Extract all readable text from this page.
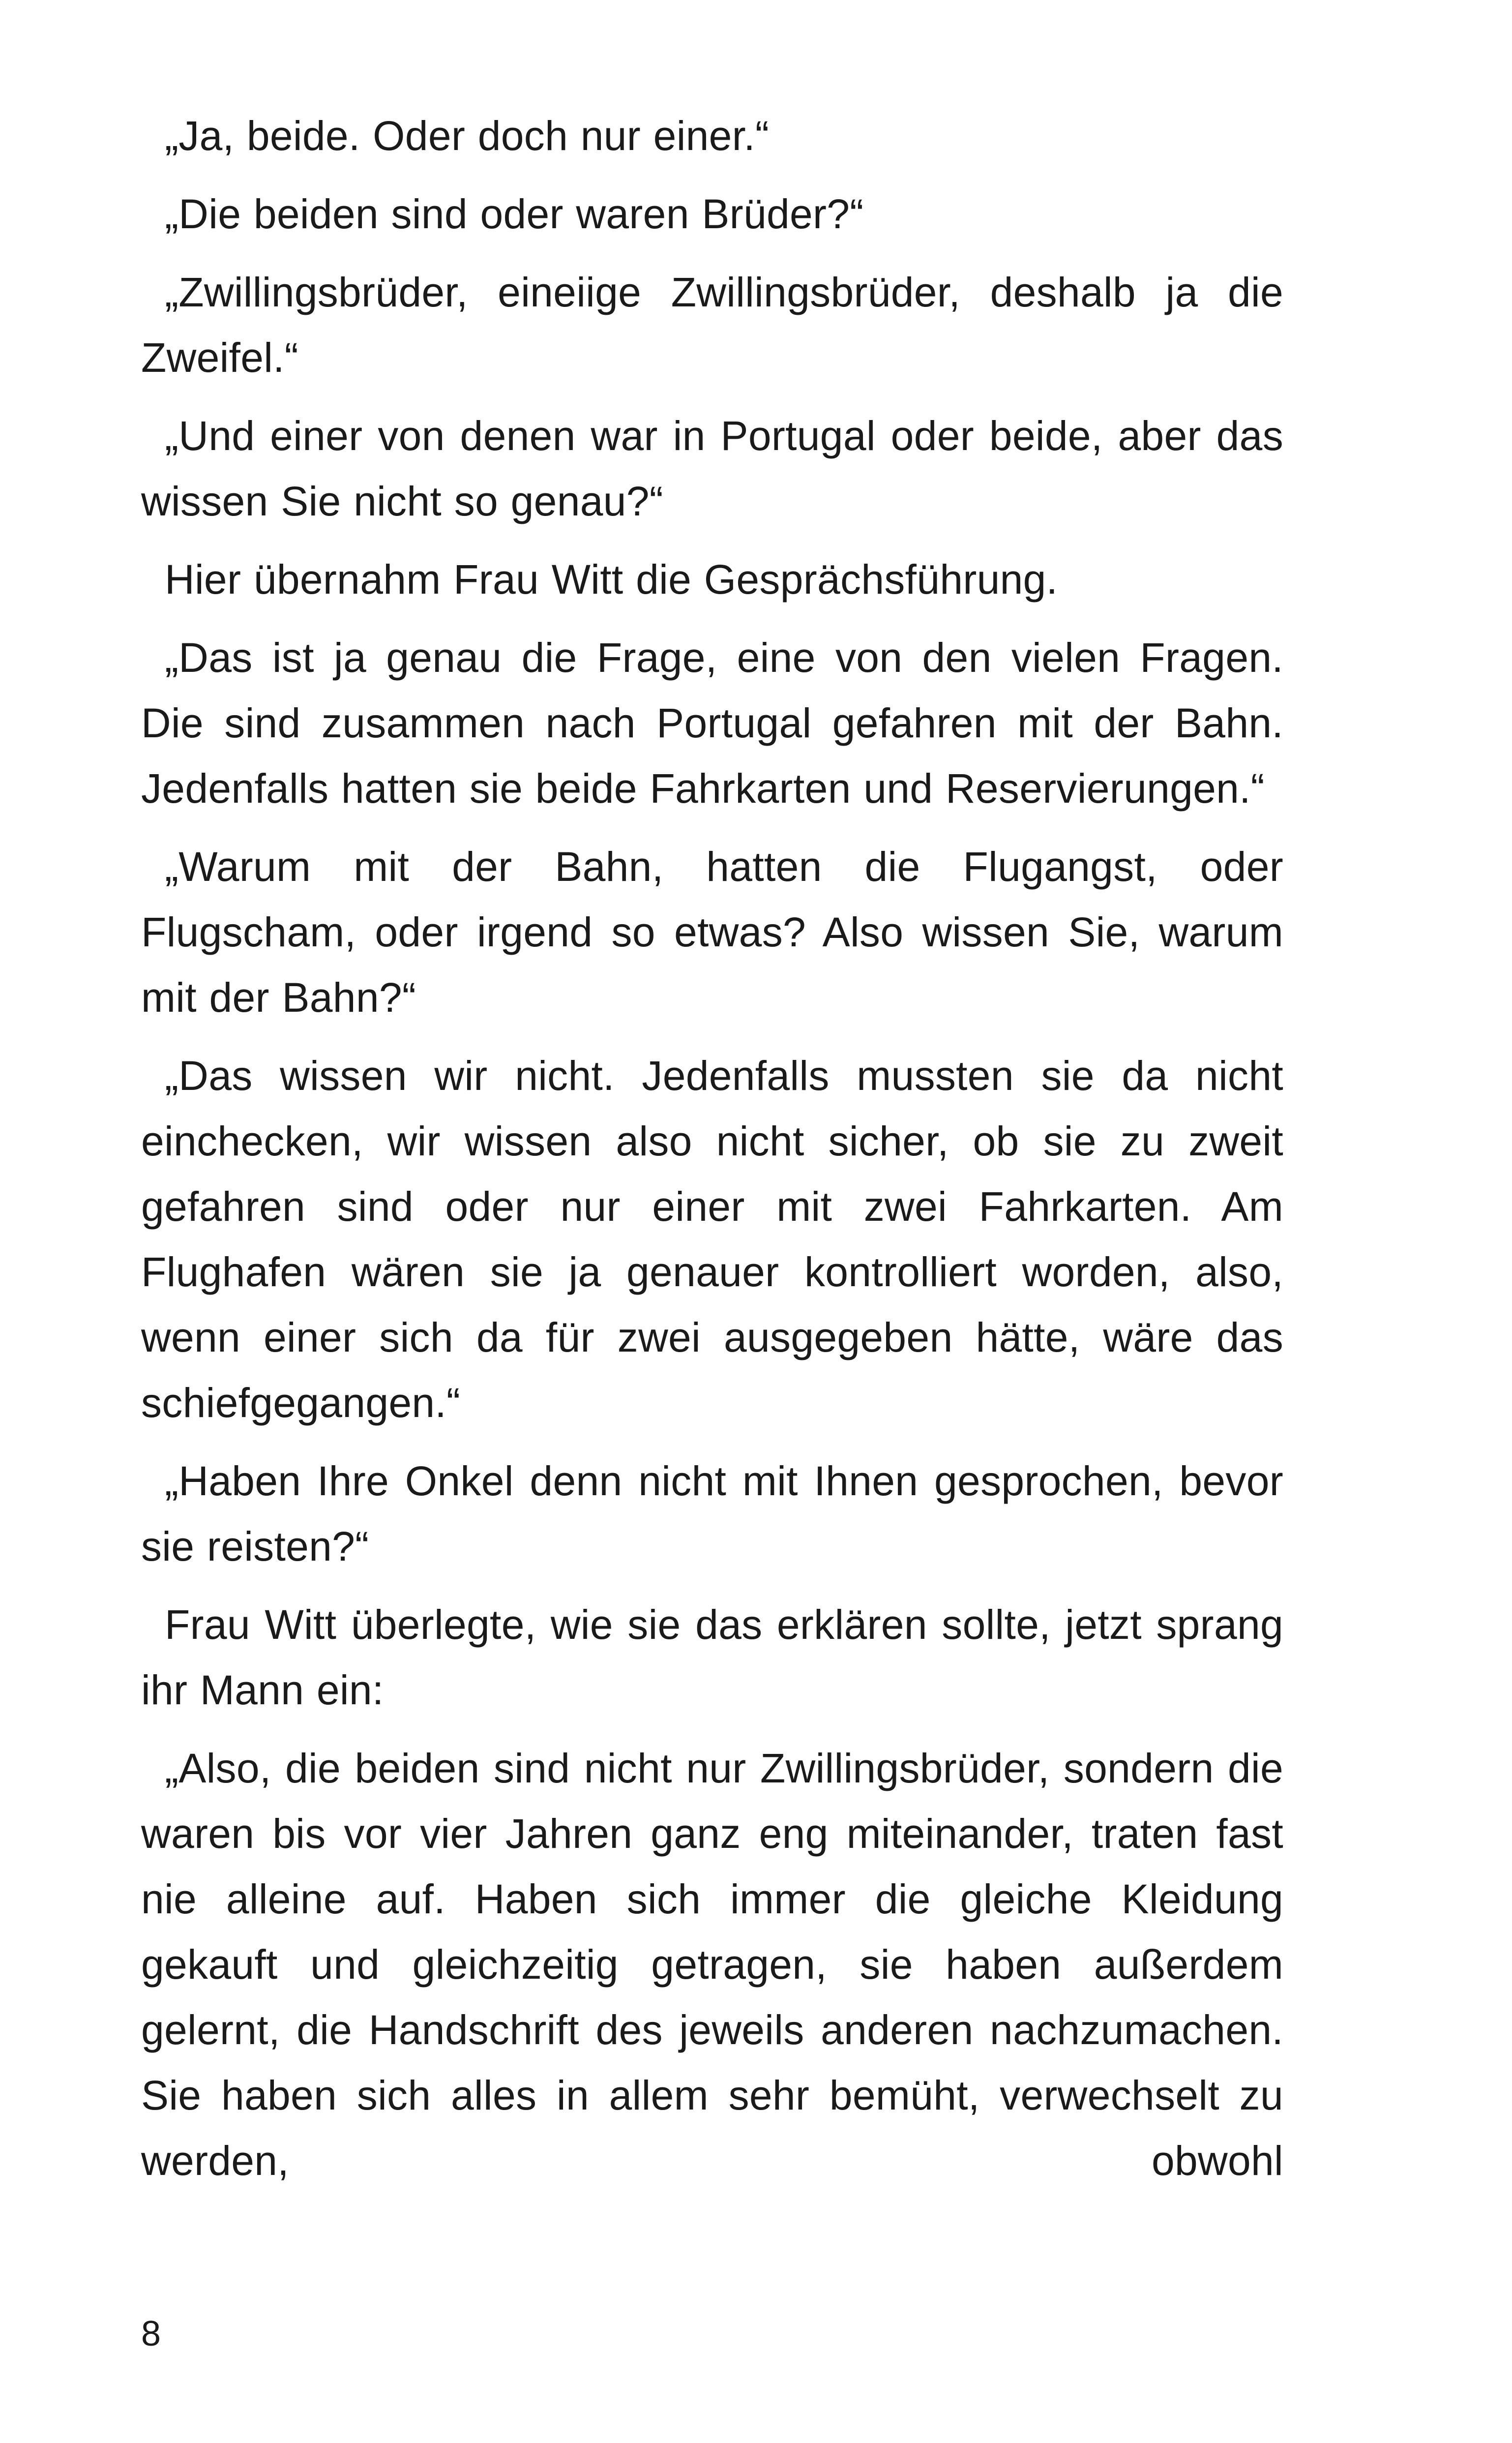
„Ja, beide. Oder doch nur einer.“

„Die beiden sind oder waren Brüder?“

„Zwillingsbrüder, eineiige Zwillingsbrüder, deshalb ja die Zweifel.“

„Und einer von denen war in Portugal oder beide, aber das wissen Sie nicht so genau?“

Hier übernahm Frau Witt die Gesprächsführung.

„Das ist ja genau die Frage, eine von den vielen Fragen. Die sind zusammen nach Portugal gefahren mit der Bahn. Jedenfalls hatten sie beide Fahrkarten und Reservierungen.“

„Warum mit der Bahn, hatten die Flugangst, oder Flugscham, oder irgend so etwas? Also wissen Sie, warum mit der Bahn?“

„Das wissen wir nicht. Jedenfalls mussten sie da nicht einchecken, wir wissen also nicht sicher, ob sie zu zweit gefahren sind oder nur einer mit zwei Fahrkarten. Am Flughafen wären sie ja genauer kontrolliert worden, also, wenn einer sich da für zwei ausgegeben hätte, wäre das schiefgegangen.“

„Haben Ihre Onkel denn nicht mit Ihnen gesprochen, bevor sie reisten?“

Frau Witt überlegte, wie sie das erklären sollte, jetzt sprang ihr Mann ein:

„Also, die beiden sind nicht nur Zwillingsbrüder, sondern die waren bis vor vier Jahren ganz eng miteinander, traten fast nie alleine auf. Haben sich immer die gleiche Kleidung gekauft und gleichzeitig getragen, sie haben außerdem gelernt, die Handschrift des jeweils anderen nachzumachen. Sie haben sich alles in allem sehr bemüht, verwechselt zu werden, obwohl

8
